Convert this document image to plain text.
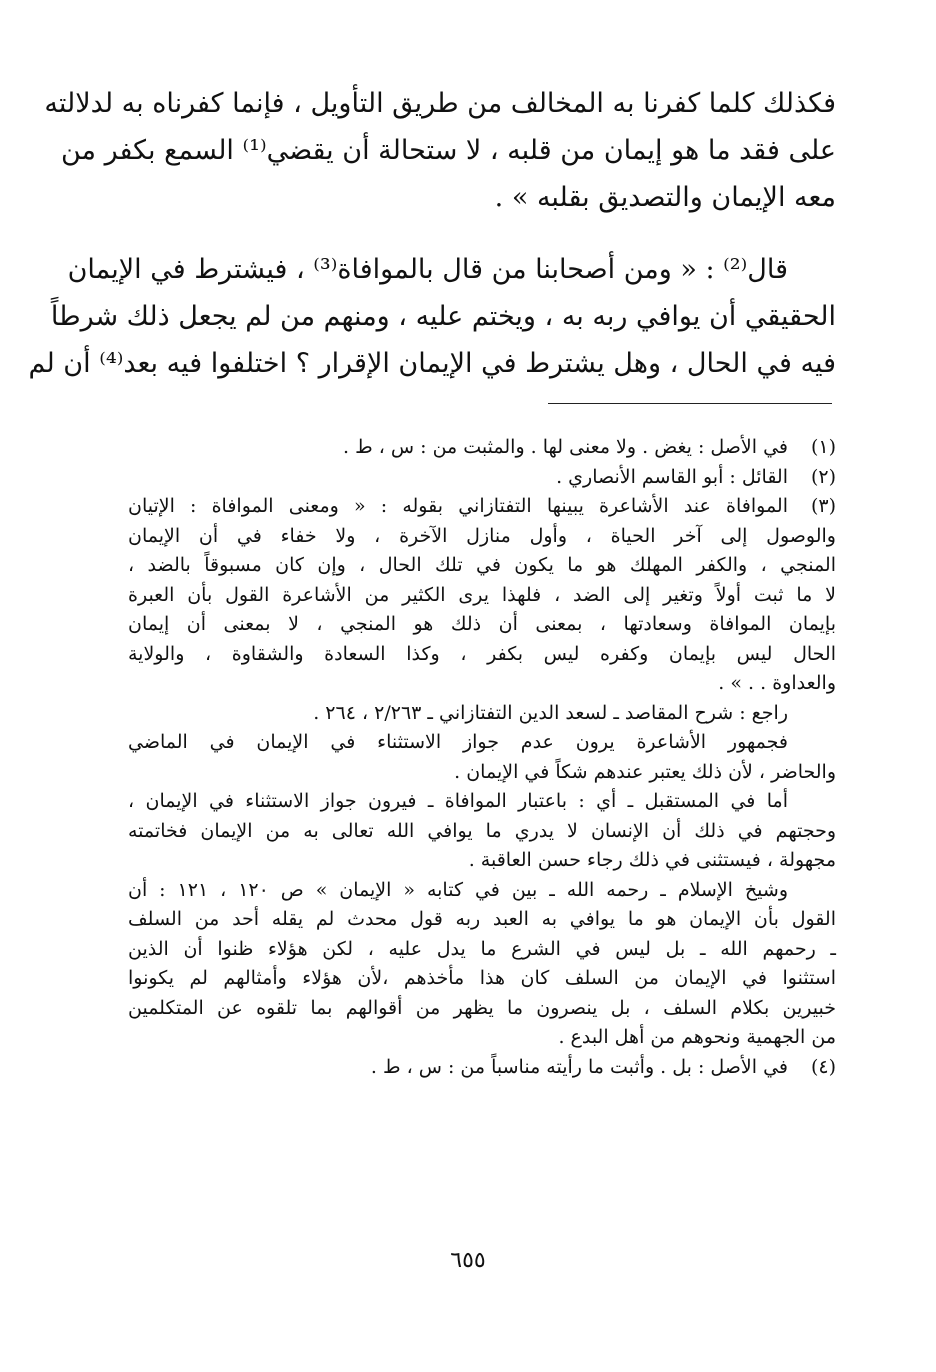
فكذلك كلما كفرنا به المخالف من طريق التأويل ، فإنما كفرناه به لدلالته
على فقد ما هو إيمان من قلبه ، لا ستحالة أن يقضي⁽¹⁾ السمع بكفر من
معه الإيمان والتصديق بقلبه » .
قال⁽²⁾ : « ومن أصحابنا من قال بالموافاة⁽³⁾ ، فيشترط في الإيمان
الحقيقي أن يوافي ربه به ، ويختم عليه ، ومنهم من لم يجعل ذلك شرطاً
فيه في الحال ، وهل يشترط في الإيمان الإقرار ؟ اختلفوا فيه بعد⁽⁴⁾ أن لم
(١)في الأصل : يغض . ولا معنى لها . والمثبت من : س ، ط .
(٢)القائل : أبو القاسم الأنصاري .
(٣)الموافاة عند الأشاعرة يبينها التفتازاني بقوله : « ومعنى الموافاة : الإتيان
والوصول إلى آخر الحياة ، وأول منازل الآخرة ، ولا خفاء في أن الإيمان
المنجي ، والكفر المهلك هو ما يكون في تلك الحال ، وإن كان مسبوقاً بالضد ،
لا ما ثبت أولاً وتغير إلى الضد ، فلهذا يرى الكثير من الأشاعرة القول بأن العبرة
بإيمان الموافاة وسعادتها ، بمعنى أن ذلك هو المنجي ، لا بمعنى أن إيمان
الحال ليس بإيمان وكفره ليس بكفر ، وكذا السعادة والشقاوة ، والولاية
والعداوة . . » .
راجع : شرح المقاصد ـ لسعد الدين التفتازاني ـ ٢/٢٦٣ ، ٢٦٤ .
فجمهور الأشاعرة يرون عدم جواز الاستثناء في الإيمان في الماضي
والحاضر ، لأن ذلك يعتبر عندهم شكاً في الإيمان .
أما في المستقبل ـ أي : باعتبار الموافاة ـ فيرون جواز الاستثناء في الإيمان ،
وحجتهم في ذلك أن الإنسان لا يدري ما يوافي الله تعالى به من الإيمان فخاتمته
مجهولة ، فيستثنى في ذلك رجاء حسن العاقبة .
وشيخ الإسلام ـ رحمه الله ـ بين في كتابه « الإيمان » ص ١٢٠ ، ١٢١ : أن
القول بأن الإيمان هو ما يوافي به العبد ربه قول محدث لم يقله أحد من السلف
ـ رحمهم الله ـ بل ليس في الشرع ما يدل عليه ، لكن هؤلاء ظنوا أن الذين
استثنوا في الإيمان من السلف كان هذا مأخذهم ،لأن هؤلاء وأمثالهم لم يكونوا
خبيرين بكلام السلف ، بل ينصرون ما يظهر من أقوالهم بما تلقوه عن المتكلمين
من الجهمية ونحوهم من أهل البدع .
(٤)في الأصل : بل . وأثبت ما رأيته مناسباً من : س ، ط .
٦٥٥
